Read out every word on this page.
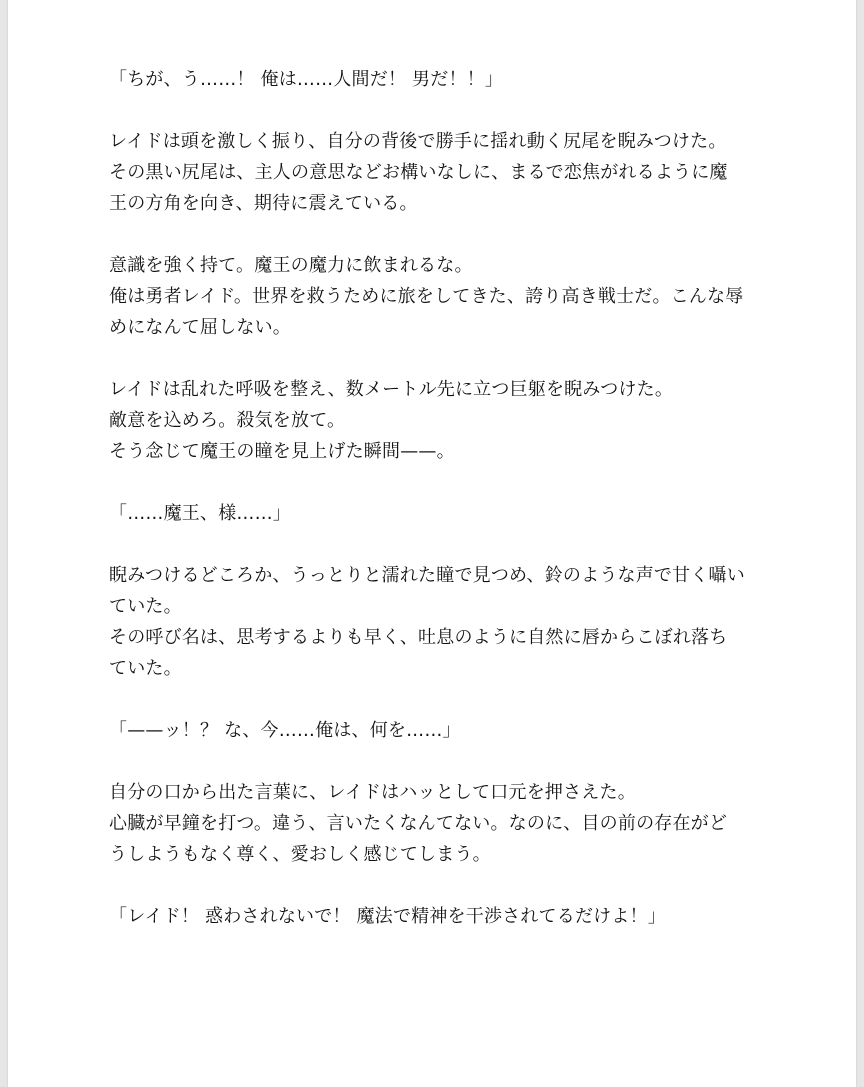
「ちが、う……！ 俺は……人間だ！ 男だ！！」
レイドは頭を激しく振り、自分の背後で勝手に揺れ動く尻尾を睨みつけた。
その黒い尻尾は、主人の意思などお構いなしに、まるで恋焦がれるように魔
王の方角を向き、期待に震えている。
意識を強く持て。魔王の魔力に飲まれるな。
俺は勇者レイド。世界を救うために旅をしてきた、誇り高き戦士だ。こんな辱
めになんて屈しない。
レイドは乱れた呼吸を整え、数メートル先に立つ巨躯を睨みつけた。
敵意を込めろ。殺気を放て。
そう念じて魔王の瞳を見上げた瞬間——。
「……魔王、様……」
睨みつけるどころか、うっとりと濡れた瞳で見つめ、鈴のような声で甘く囁い
ていた。
その呼び名は、思考するよりも早く、吐息のように自然に唇からこぼれ落ち
ていた。
「——ッ！？ な、今……俺は、何を……」
自分の口から出た言葉に、レイドはハッとして口元を押さえた。
心臓が早鐘を打つ。違う、言いたくなんてない。なのに、目の前の存在がど
うしようもなく尊く、愛おしく感じてしまう。
「レイド！ 惑わされないで！ 魔法で精神を干渉されてるだけよ！」
